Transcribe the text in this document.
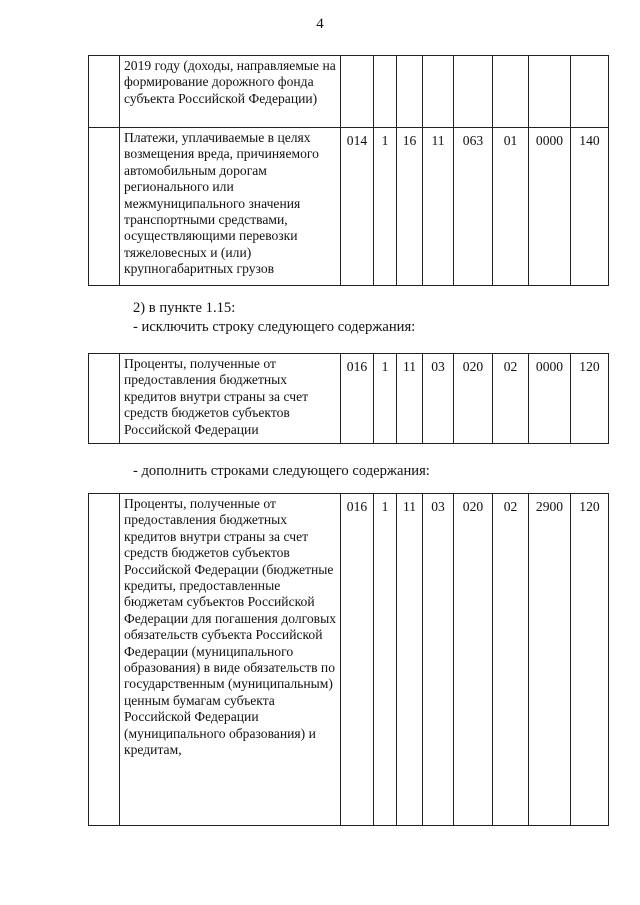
4
	2019 году (доходы, направляемые на формирование дорожного фонда субъекта Российской Федерации)								
	Платежи, уплачиваемые в целях возмещения вреда, причиняемого автомобильным дорогам регионального или межмуниципального значения транспортными средствами, осуществляющими перевозки тяжеловесных и (или) крупногабаритных грузов	014	1	16	11	063	01	0000	140
2) в пункте 1.15:
- исключить строку следующего содержания:
	Проценты, полученные от предоставления бюджетных кредитов внутри страны за счет средств бюджетов субъектов Российской Федерации	016	1	11	03	020	02	0000	120
- дополнить строками следующего содержания:
	Проценты, полученные от предоставления бюджетных кредитов внутри страны за счет средств бюджетов субъектов Российской Федерации (бюджетные кредиты, предоставленные бюджетам субъектов Российской Федерации для погашения долговых обязательств субъекта Российской Федерации (муниципального образования) в виде обязательств по государственным (муниципальным) ценным бумагам субъекта Российской Федерации (муниципального образования) и кредитам,	016	1	11	03	020	02	2900	120
